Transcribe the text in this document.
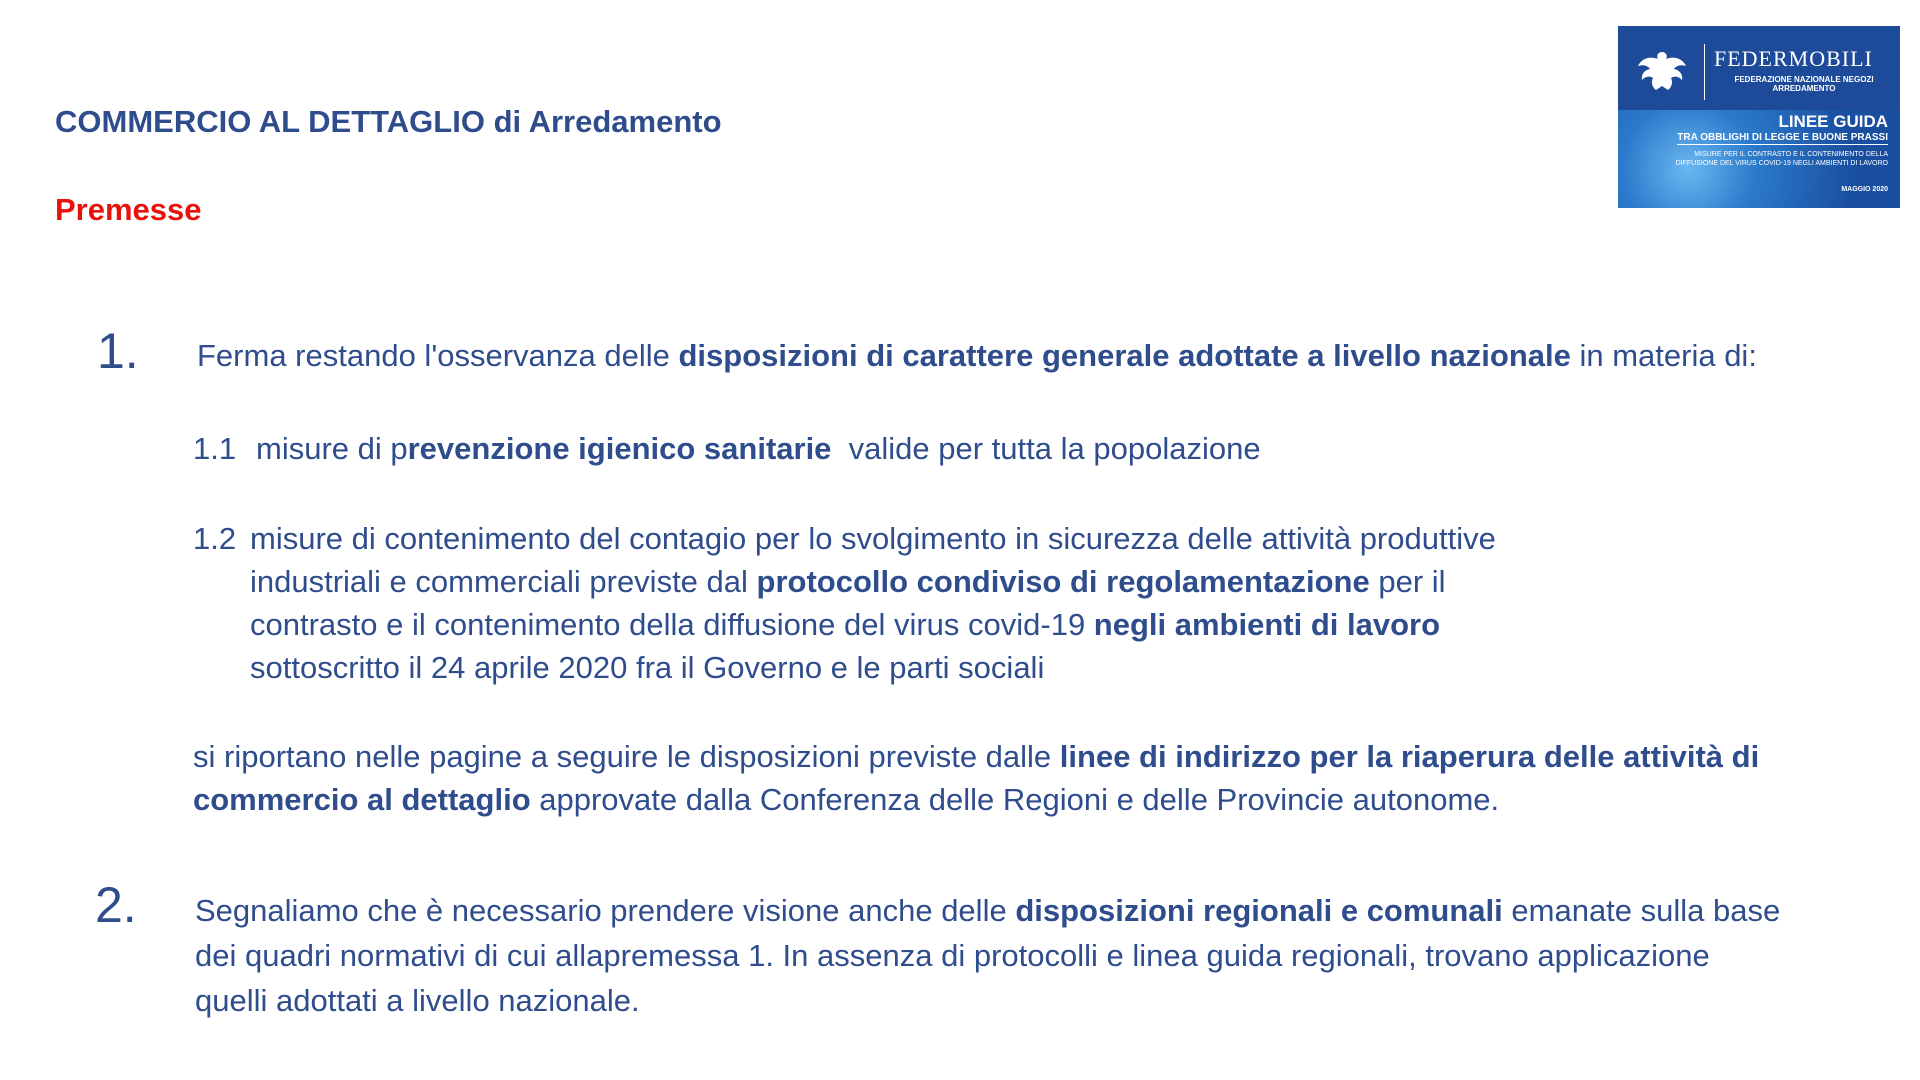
COMMERCIO AL DETTAGLIO di Arredamento
Premesse
FEDERMOBILI
FEDERAZIONE NAZIONALE NEGOZI ARREDAMENTO
LINEE GUIDA
TRA OBBLIGHI DI LEGGE E BUONE PRASSI
MISURE PER IL CONTRASTO E IL CONTENIMENTO DELLA DIFFUSIONE DEL VIRUS COVID-19 NEGLI AMBIENTI DI LAVORO
MAGGIO 2020
1. Ferma restando l'osservanza delle disposizioni di carattere generale adottate a livello nazionale in materia di:
1.1 misure di prevenzione igienico sanitarie  valide per tutta la popolazione
1.2 misure di contenimento del contagio per lo svolgimento in sicurezza delle attività produttive industriali e commerciali previste dal protocollo condiviso di regolamentazione per il contrasto e il contenimento della diffusione del virus covid-19 negli ambienti di lavoro sottoscritto il 24 aprile 2020 fra il Governo e le parti sociali
si riportano nelle pagine a seguire le disposizioni previste dalle linee di indirizzo per la riaperura delle attività di commercio al dettaglio approvate dalla Conferenza delle Regioni e delle Provincie autonome.
2. Segnaliamo che è necessario prendere visione anche delle disposizioni regionali e comunali emanate sulla base dei quadri normativi di cui allapremessa 1. In assenza di protocolli e linea guida regionali, trovano applicazione quelli adottati a livello nazionale.
